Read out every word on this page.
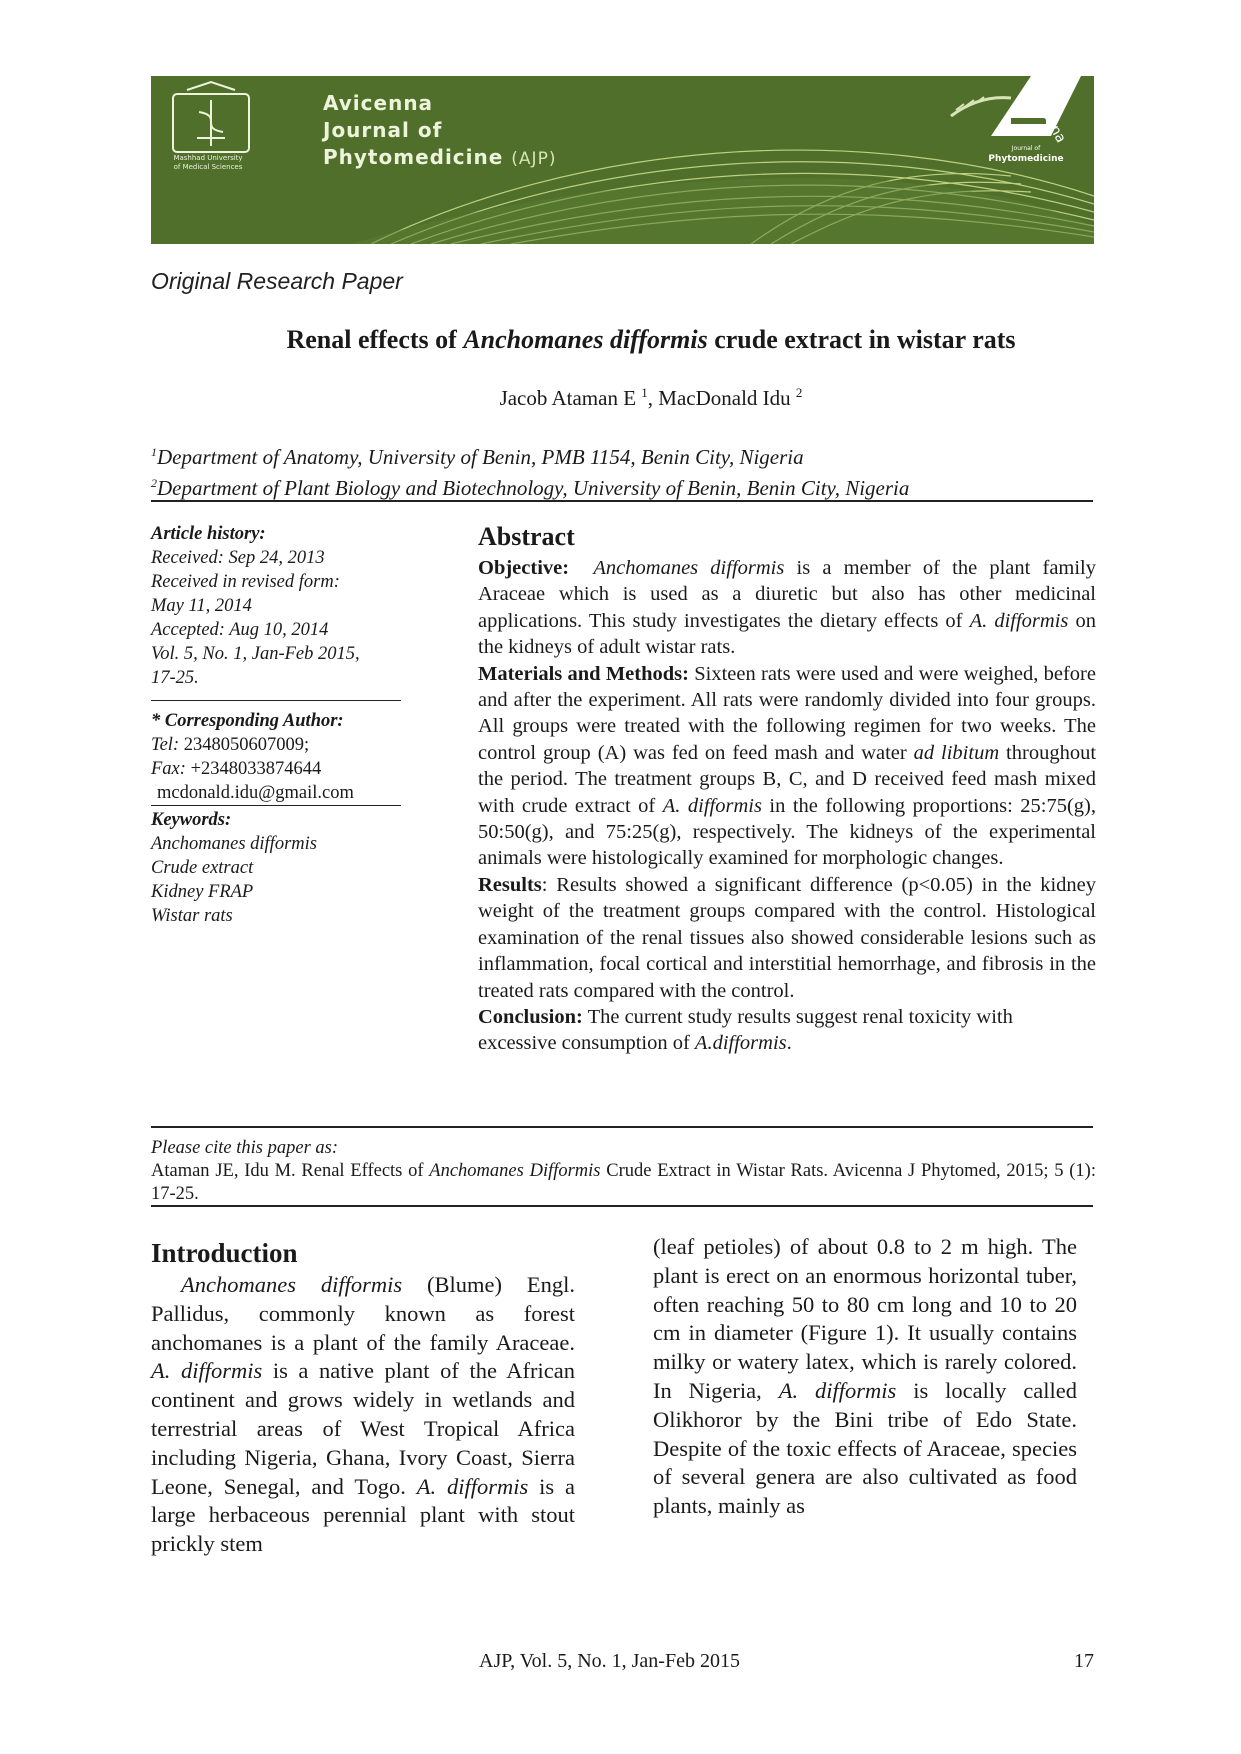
Avicenna
Journal of
Phytomedicine (AJP)
Mashhad University
of Medical Sciences
Avicenna
Journal of
Phytomedicine
Original Research Paper
Renal effects of Anchomanes difformis crude extract in wistar rats
Jacob Ataman E $^1$, MacDonald Idu $^2$
$^1$Department of Anatomy, University of Benin, PMB 1154, Benin City, Nigeria
$^2$Department of Plant Biology and Biotechnology, University of Benin, Benin City, Nigeria
Article history:
Received: Sep 24, 2013
Received in revised form:
May 11, 2014
Accepted: Aug 10, 2014
Vol. 5, No. 1, Jan-Feb 2015,
17-25.
* Corresponding Author:
Tel: 2348050607009;
Fax: +2348033874644
mcdonald.idu@gmail.com
Keywords:
Anchomanes difformis
Crude extract
Kidney FRAP
Wistar rats
Abstract

Objective: Anchomanes difformis is a member of the plant family Araceae which is used as a diuretic but also has other medicinal applications. This study investigates the dietary effects of A. difformis on the kidneys of adult wistar rats.

Materials and Methods: Sixteen rats were used and were weighed, before and after the experiment. All rats were randomly divided into four groups. All groups were treated with the following regimen for two weeks. The control group (A) was fed on feed mash and water ad libitum throughout the period. The treatment groups B, C, and D received feed mash mixed with crude extract of A. difformis in the following proportions: 25:75(g), 50:50(g), and 75:25(g), respectively. The kidneys of the experimental animals were histologically examined for morphologic changes.

Results: Results showed a significant difference (p<0.05) in the kidney weight of the treatment groups compared with the control. Histological examination of the renal tissues also showed considerable lesions such as inflammation, focal cortical and interstitial hemorrhage, and fibrosis in the treated rats compared with the control.

Conclusion: The current study results suggest renal toxicity with excessive consumption of A.difformis.

Please cite this paper as:
Ataman JE, Idu M. Renal Effects of Anchomanes Difformis Crude Extract in Wistar Rats. Avicenna J Phytomed, 2015; 5 (1): 17-25.
Introduction

Anchomanes difformis (Blume) Engl. Pallidus, commonly known as forest anchomanes is a plant of the family Araceae. A. difformis is a native plant of the African continent and grows widely in wetlands and terrestrial areas of West Tropical Africa including Nigeria, Ghana, Ivory Coast, Sierra Leone, Senegal, and Togo. A. difformis is a large herbaceous perennial plant with stout prickly stem

(leaf petioles) of about 0.8 to 2 m high. The plant is erect on an enormous horizontal tuber, often reaching 50 to 80 cm long and 10 to 20 cm in diameter (Figure 1). It usually contains milky or watery latex, which is rarely colored. In Nigeria, A. difformis is locally called Olikhoror by the Bini tribe of Edo State. Despite of the toxic effects of Araceae, species of several genera are also cultivated as food plants, mainly as

AJP, Vol. 5, No. 1, Jan-Feb 2015	17
